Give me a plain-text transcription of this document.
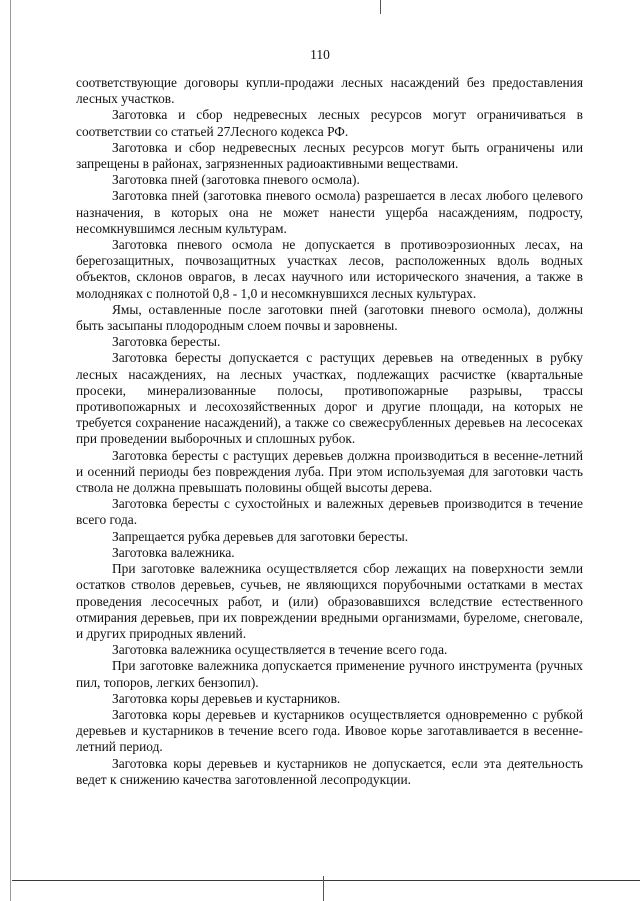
110

соответствующие договоры купли-продажи лесных насаждений без предоставления лесных участков.

Заготовка и сбор недревесных лесных ресурсов могут ограничиваться в соответствии со статьей 27Лесного кодекса РФ.

Заготовка и сбор недревесных лесных ресурсов могут быть ограничены или запрещены в районах, загрязненных радиоактивными веществами.

Заготовка пней (заготовка пневого осмола).

Заготовка пней (заготовка пневого осмола) разрешается в лесах любого целевого назначения, в которых она не может нанести ущерба насаждениям, подросту, несомкнувшимся лесным культурам.

Заготовка пневого осмола не допускается в противоэрозионных лесах, на берегозащитных, почвозащитных участках лесов, расположенных вдоль водных объектов, склонов оврагов, в лесах научного или исторического значения, а также в молодняках с полнотой 0,8 - 1,0 и несомкнувшихся лесных культурах.

Ямы, оставленные после заготовки пней (заготовки пневого осмола), должны быть засыпаны плодородным слоем почвы и заровнены.

Заготовка бересты.

Заготовка бересты допускается с растущих деревьев на отведенных в рубку лесных насаждениях, на лесных участках, подлежащих расчистке (квартальные просеки, минерализованные полосы, противопожарные разрывы, трассы противопожарных и лесохозяйственных дорог и другие площади, на которых не требуется сохранение насаждений), а также со свежесрубленных деревьев на лесосеках при проведении выборочных и сплошных рубок.

Заготовка бересты с растущих деревьев должна производиться в весенне-летний и осенний периоды без повреждения луба. При этом используемая для заготовки часть ствола не должна превышать половины общей высоты дерева.

Заготовка бересты с сухостойных и валежных деревьев производится в течение всего года.

Запрещается рубка деревьев для заготовки бересты.

Заготовка валежника.

При заготовке валежника осуществляется сбор лежащих на поверхности земли остатков стволов деревьев, сучьев, не являющихся порубочными остатками в местах проведения лесосечных работ, и (или) образовавшихся вследствие естественного отмирания деревьев, при их повреждении вредными организмами, буреломе, снеговале, и других природных явлений.

Заготовка валежника осуществляется в течение всего года.

При заготовке валежника допускается применение ручного инструмента (ручных пил, топоров, легких бензопил).

Заготовка коры деревьев и кустарников.

Заготовка коры деревьев и кустарников осуществляется одновременно с рубкой деревьев и кустарников в течение всего года. Ивовое корье заготавливается в весенне-летний период.

Заготовка коры деревьев и кустарников не допускается, если эта деятельность ведет к снижению качества заготовленной лесопродукции.
